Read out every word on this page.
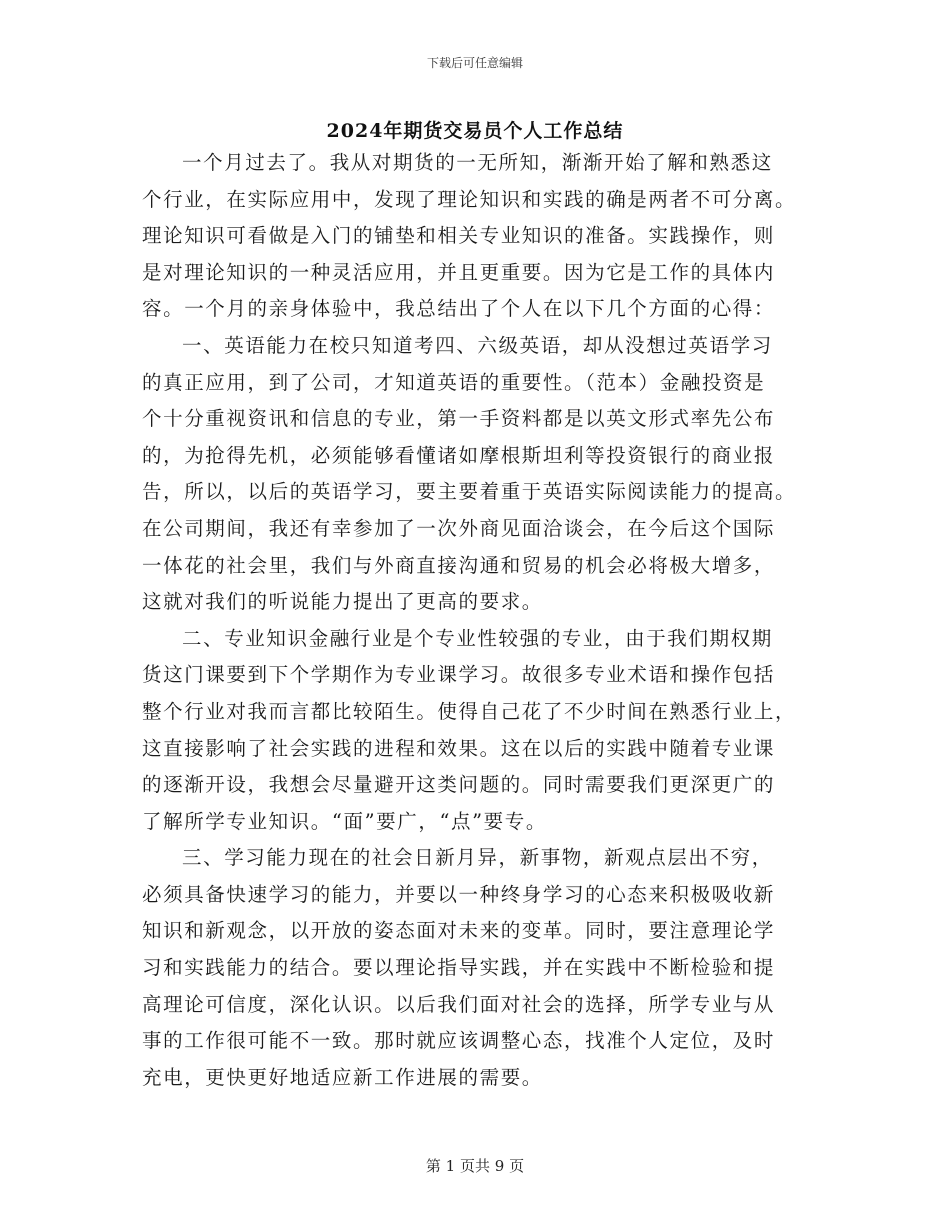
下载后可任意编辑
2024年期货交易员个人工作总结
一个月过去了。我从对期货的一无所知，渐渐开始了解和熟悉这
个行业，在实际应用中，发现了理论知识和实践的确是两者不可分离。
理论知识可看做是入门的铺垫和相关专业知识的准备。实践操作，则
是对理论知识的一种灵活应用，并且更重要。因为它是工作的具体内
容。一个月的亲身体验中，我总结出了个人在以下几个方面的心得：
一、英语能力在校只知道考四、六级英语，却从没想过英语学习
的真正应用，到了公司，才知道英语的重要性。（范本）金融投资是
个十分重视资讯和信息的专业，第一手资料都是以英文形式率先公布
的，为抢得先机，必须能够看懂诸如摩根斯坦利等投资银行的商业报
告，所以，以后的英语学习，要主要着重于英语实际阅读能力的提高。
在公司期间，我还有幸参加了一次外商见面洽谈会，在今后这个国际
一体花的社会里，我们与外商直接沟通和贸易的机会必将极大增多，
这就对我们的听说能力提出了更高的要求。
二、专业知识金融行业是个专业性较强的专业，由于我们期权期
货这门课要到下个学期作为专业课学习。故很多专业术语和操作包括
整个行业对我而言都比较陌生。使得自己花了不少时间在熟悉行业上，
这直接影响了社会实践的进程和效果。这在以后的实践中随着专业课
的逐渐开设，我想会尽量避开这类问题的。同时需要我们更深更广的
了解所学专业知识。“面”要广，“点”要专。
三、学习能力现在的社会日新月异，新事物，新观点层出不穷，
必须具备快速学习的能力，并要以一种终身学习的心态来积极吸收新
知识和新观念，以开放的姿态面对未来的变革。同时，要注意理论学
习和实践能力的结合。要以理论指导实践，并在实践中不断检验和提
高理论可信度，深化认识。以后我们面对社会的选择，所学专业与从
事的工作很可能不一致。那时就应该调整心态，找准个人定位，及时
充电，更快更好地适应新工作进展的需要。
第 1 页共 9 页
